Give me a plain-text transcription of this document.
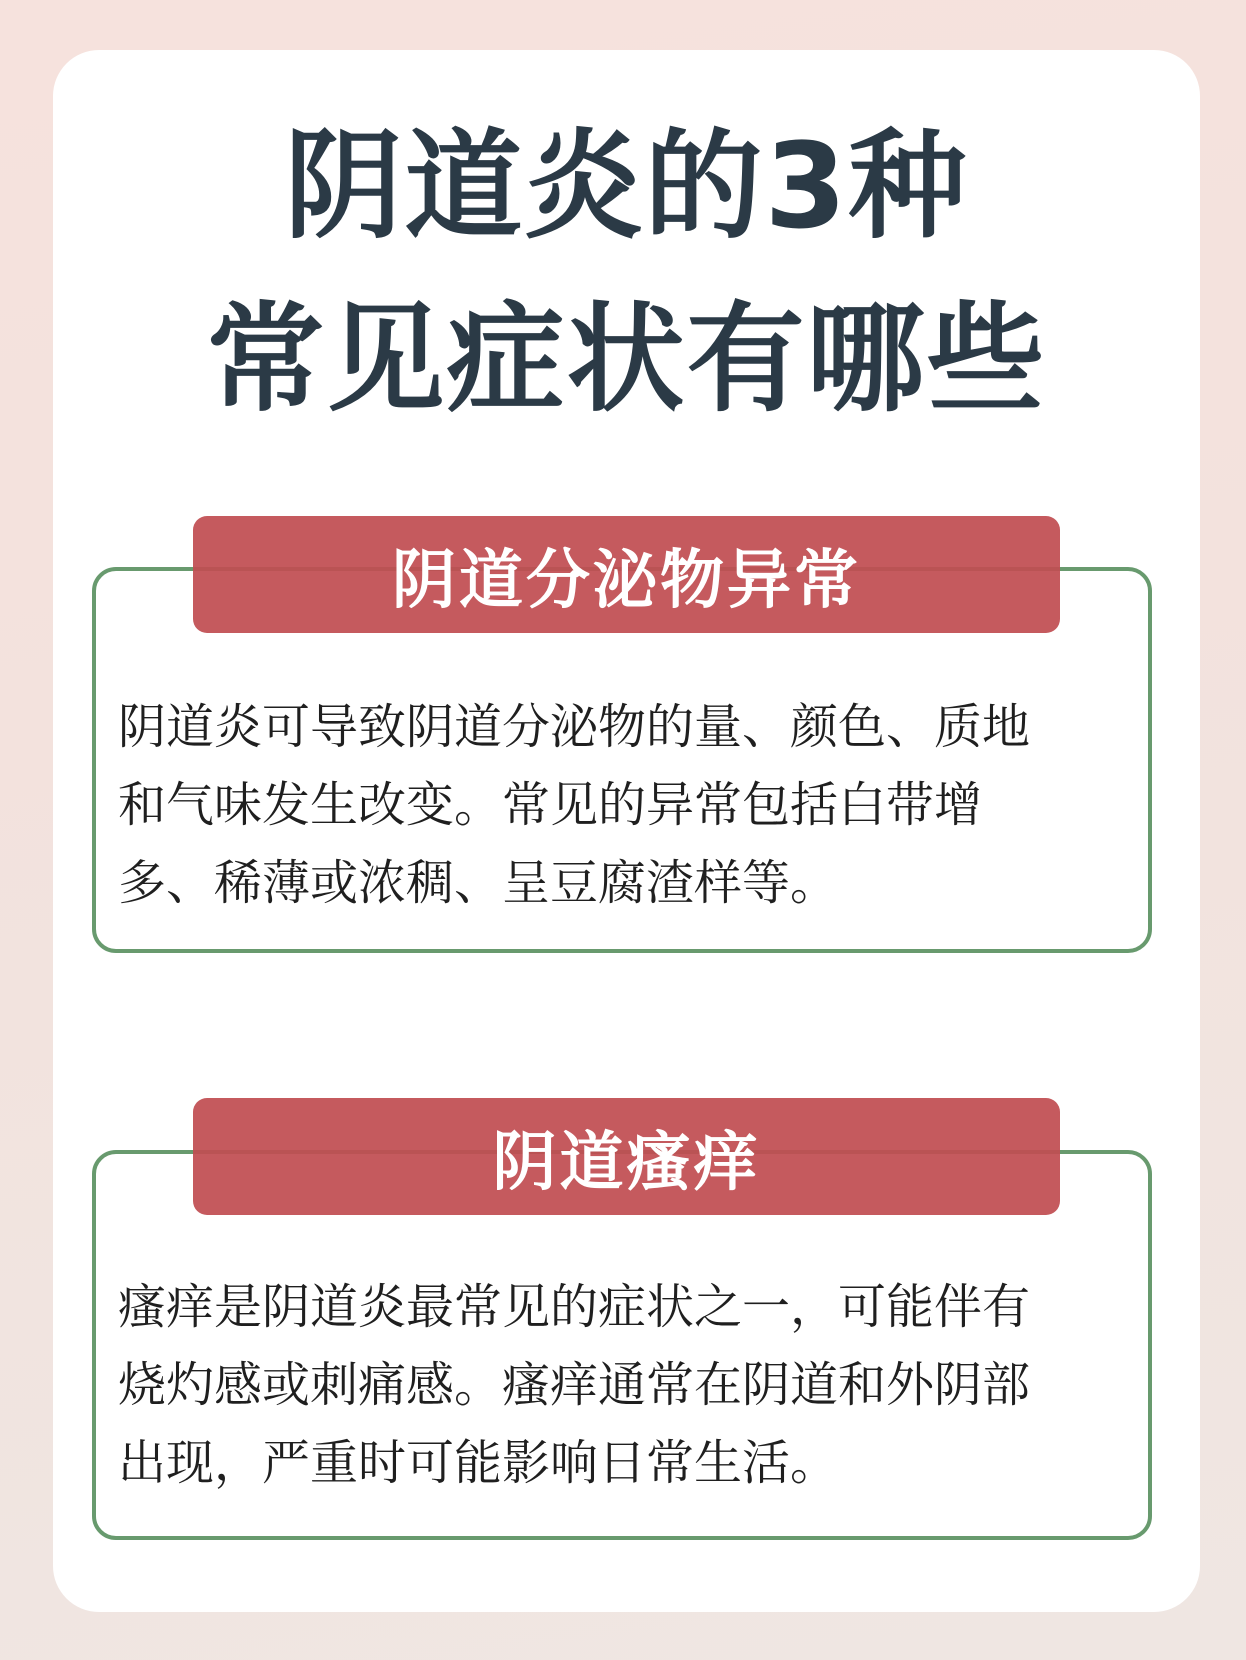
阴道炎的3种
常见症状有哪些
阴道分泌物异常
阴道炎可导致阴道分泌物的量、颜色、质地
和气味发生改变。常见的异常包括白带增
多、稀薄或浓稠、呈豆腐渣样等。
阴道瘙痒
瘙痒是阴道炎最常见的症状之一，可能伴有
烧灼感或刺痛感。瘙痒通常在阴道和外阴部
出现，严重时可能影响日常生活。
